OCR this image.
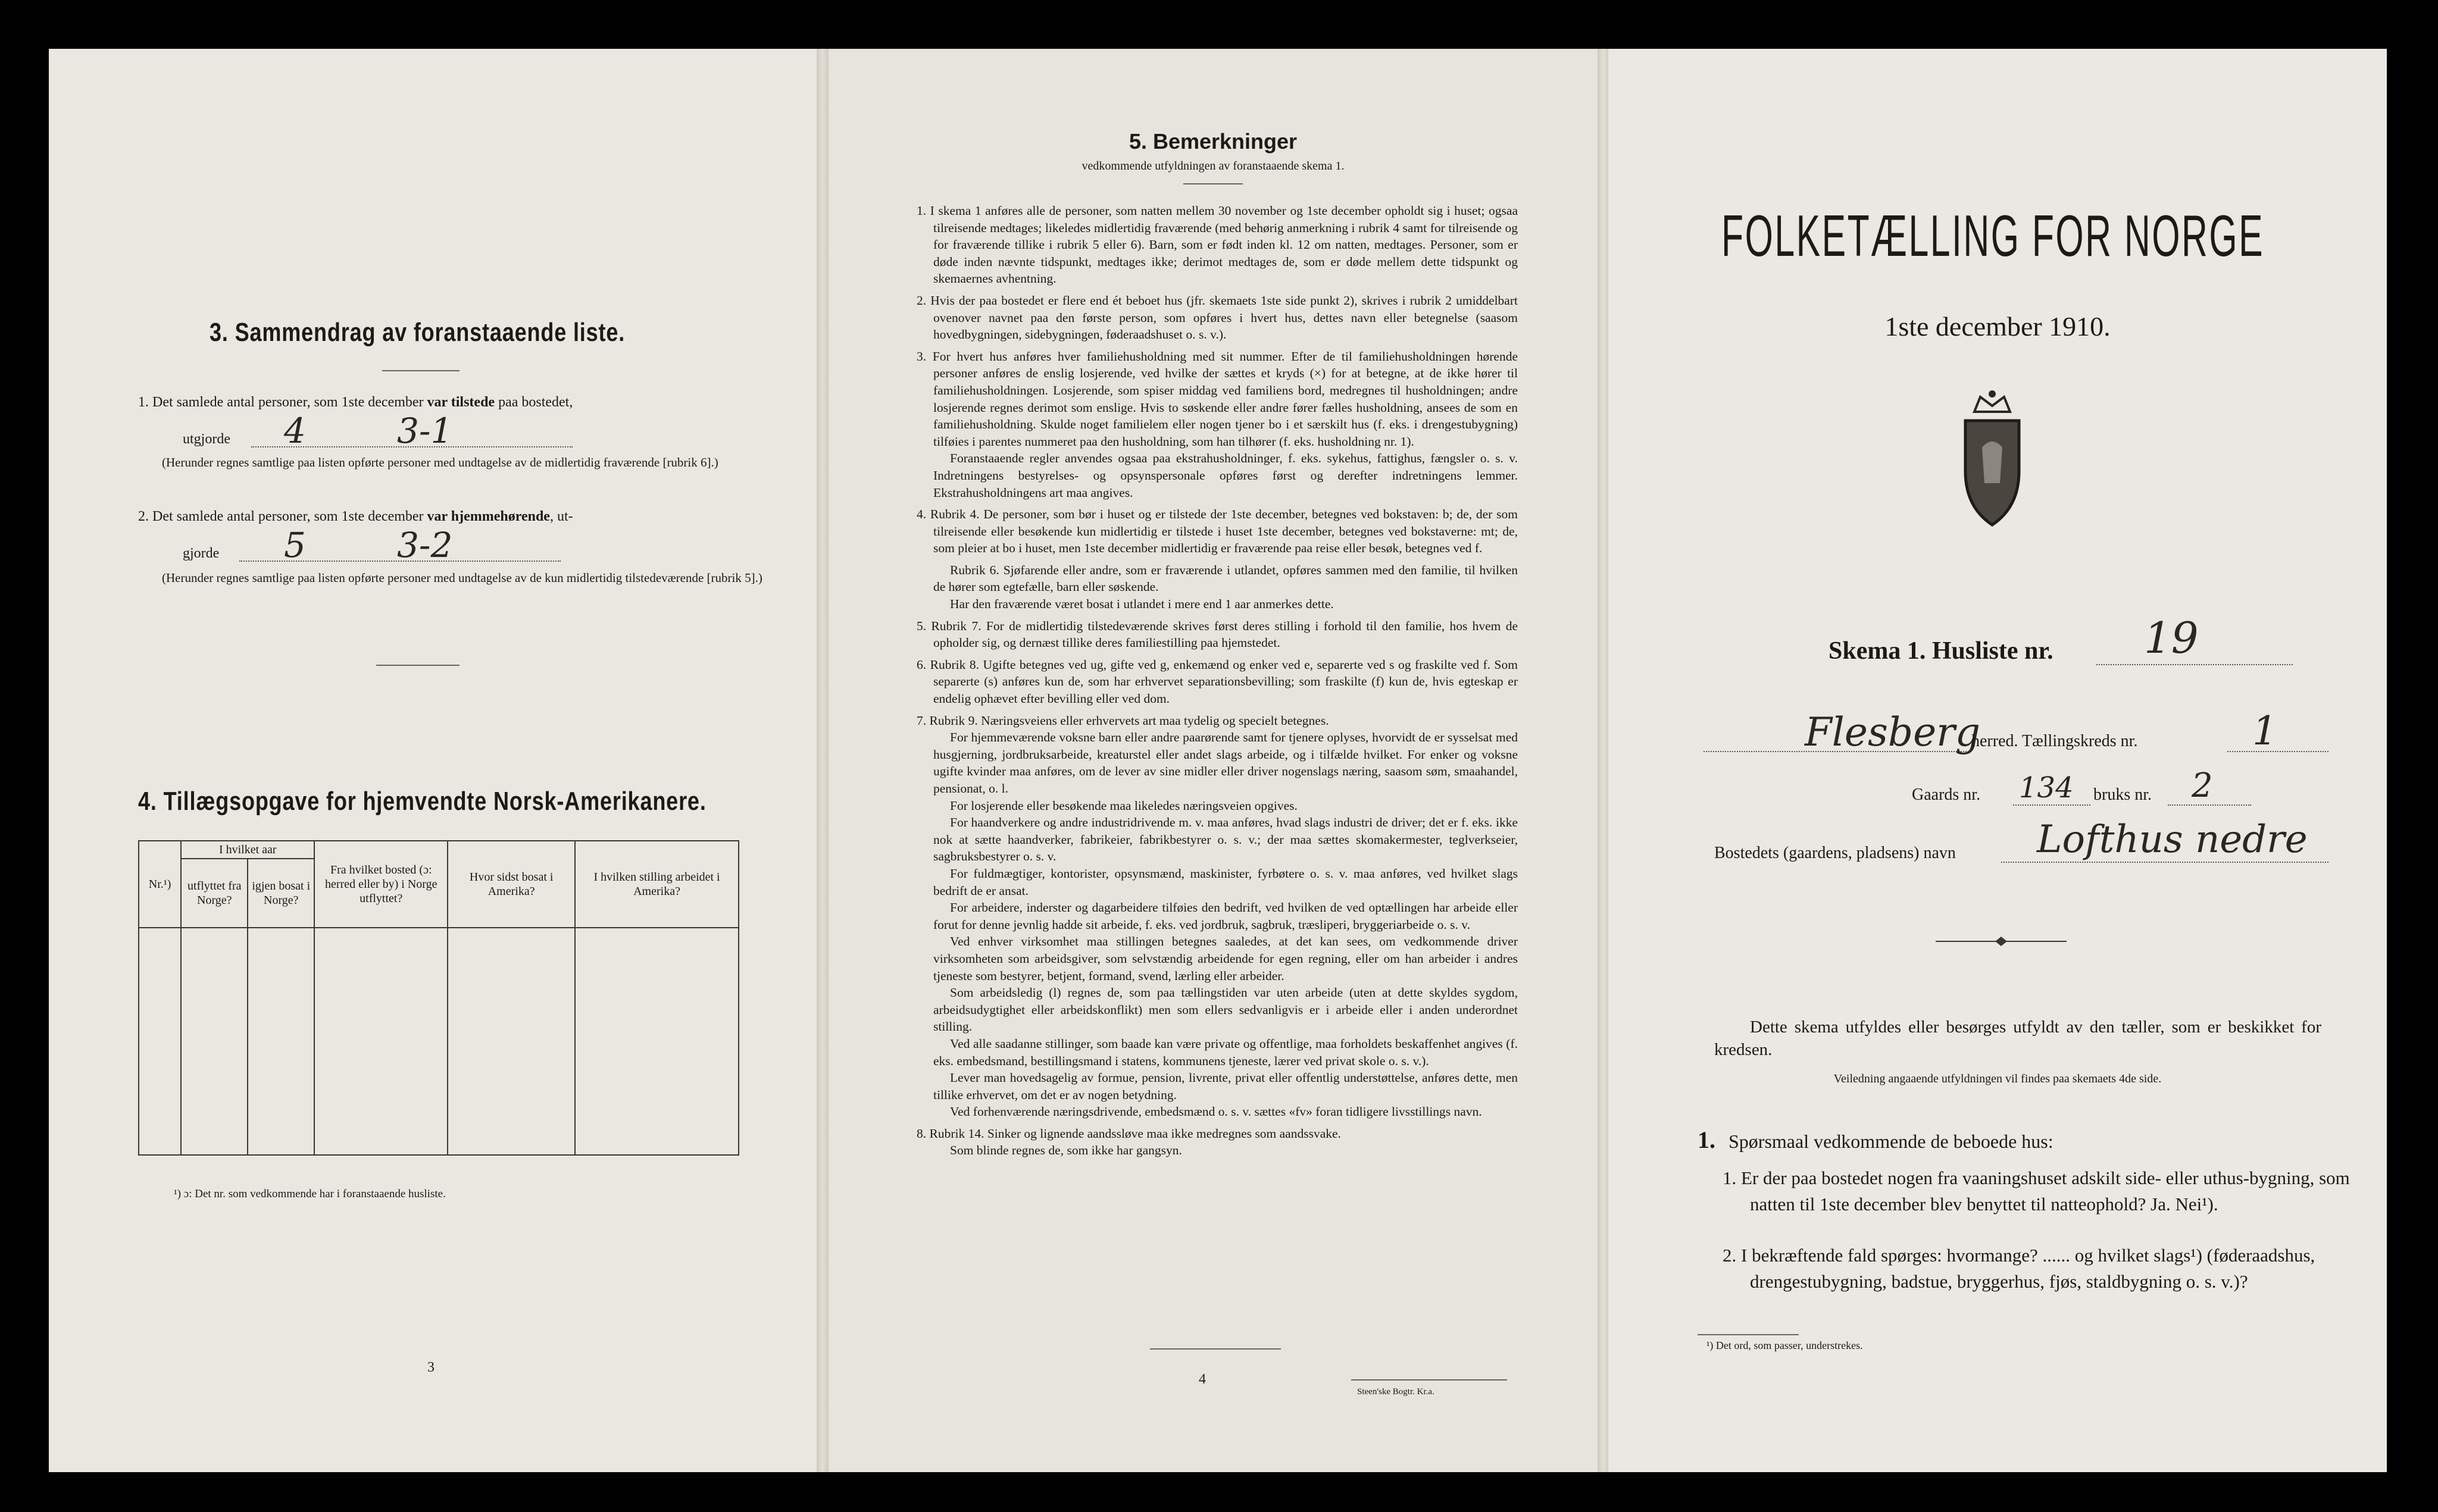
3. Sammendrag av foranstaaende liste.
1. Det samlede antal personer, som 1ste december var tilstede paa bostedet,
utgjorde 4	3-1
(Herunder regnes samtlige paa listen opførte personer med undtagelse av de midlertidig fraværende [rubrik 6].)
2. Det samlede antal personer, som 1ste december var hjemmehørende, ut-
gjorde 5	3-2
(Herunder regnes samtlige paa listen opførte personer med undtagelse av de kun midlertidig tilstedeværende [rubrik 5].)
4. Tillægsopgave for hjemvendte Norsk-Amerikanere.
Nr.¹)	I hvilket aar		Fra hvilket bosted (ɔ: herred eller by) i Norge utflyttet?	Hvor sidst bosat i Amerika?	I hvilken stilling arbeidet i Amerika?
	utflyttet fra Norge?	igjen bosat i Norge?			

¹) ɔ: Det nr. som vedkommende har i foranstaaende husliste.
3
5. Bemerkninger
vedkommende utfyldningen av foranstaaende skema 1.

1. I skema 1 anføres alle de personer, som natten mellem 30 november og 1ste december opholdt sig i huset; ogsaa tilreisende medtages; likeledes midlertidig fraværende (med behørig anmerkning i rubrik 4 samt for tilreisende og for fraværende tillike i rubrik 5 eller 6). Barn, som er født inden kl. 12 om natten, medtages. Personer, som er døde inden nævnte tidspunkt, medtages ikke; derimot medtages de, som er døde mellem dette tidspunkt og skemaernes avhentning.

2. Hvis der paa bostedet er flere end ét beboet hus (jfr. skemaets 1ste side punkt 2), skrives i rubrik 2 umiddelbart ovenover navnet paa den første person, som opføres i hvert hus, dettes navn eller betegnelse (saasom hovedbygningen, sidebygningen, føderaadshuset o. s. v.).

3. For hvert hus anføres hver familiehusholdning med sit nummer. Efter de til familiehusholdningen hørende personer anføres de enslig losjerende, ved hvilke der sættes et kryds (×) for at betegne, at de ikke hører til familiehusholdningen. Losjerende, som spiser middag ved familiens bord, medregnes til husholdningen; andre losjerende regnes derimot som enslige. Hvis to søskende eller andre fører fælles husholdning, ansees de som en familiehusholdning. Skulde noget familielem eller nogen tjener bo i et særskilt hus (f. eks. i drengestubygning) tilføies i parentes nummeret paa den husholdning, som han tilhører (f. eks. husholdning nr. 1).

Foranstaaende regler anvendes ogsaa paa ekstrahusholdninger, f. eks. sykehus, fattighus, fængsler o. s. v. Indretningens bestyrelses- og opsynspersonale opføres først og derefter indretningens lemmer. Ekstrahusholdningens art maa angives.

4. Rubrik 4. De personer, som bør i huset og er tilstede der 1ste december, betegnes ved bokstaven: b; de, der som tilreisende eller besøkende kun midlertidig er tilstede i huset 1ste december, betegnes ved bokstaverne: mt; de, som pleier at bo i huset, men 1ste december midlertidig er fraværende paa reise eller besøk, betegnes ved f.

Rubrik 6. Sjøfarende eller andre, som er fraværende i utlandet, opføres sammen med den familie, til hvilken de hører som egtefælle, barn eller søskende.

Har den fraværende været bosat i utlandet i mere end 1 aar anmerkes dette.

5. Rubrik 7. For de midlertidig tilstedeværende skrives først deres stilling i forhold til den familie, hos hvem de opholder sig, og dernæst tillike deres familiestilling paa hjemstedet.

6. Rubrik 8. Ugifte betegnes ved ug, gifte ved g, enkemænd og enker ved e, separerte ved s og fraskilte ved f. Som separerte (s) anføres kun de, som har erhvervet separationsbevilling; som fraskilte (f) kun de, hvis egteskap er endelig ophævet efter bevilling eller ved dom.

7. Rubrik 9. Næringsveiens eller erhvervets art maa tydelig og specielt betegnes.

For hjemmeværende voksne barn eller andre paarørende samt for tjenere oplyses, hvorvidt de er sysselsat med husgjerning, jordbruksarbeide, kreaturstel eller andet slags arbeide, og i tilfælde hvilket. For enker og voksne ugifte kvinder maa anføres, om de lever av sine midler eller driver nogenslags næring, saasom søm, smaahandel, pensionat, o. l.

For losjerende eller besøkende maa likeledes næringsveien opgives.

For haandverkere og andre industridrivende m. v. maa anføres, hvad slags industri de driver; det er f. eks. ikke nok at sætte haandverker, fabrikeier, fabrikbestyrer o. s. v.; der maa sættes skomakermester, teglverkseier, sagbruksbestyrer o. s. v.

For fuldmægtiger, kontorister, opsynsmænd, maskinister, fyrbøtere o. s. v. maa anføres, ved hvilket slags bedrift de er ansat.

For arbeidere, inderster og dagarbeidere tilføies den bedrift, ved hvilken de ved optællingen har arbeide eller forut for denne jevnlig hadde sit arbeide, f. eks. ved jordbruk, sagbruk, træsliperi, bryggeriarbeide o. s. v.

Ved enhver virksomhet maa stillingen betegnes saaledes, at det kan sees, om vedkommende driver virksomheten som arbeidsgiver, som selvstændig arbeidende for egen regning, eller om han arbeider i andres tjeneste som bestyrer, betjent, formand, svend, lærling eller arbeider.

Som arbeidsledig (l) regnes de, som paa tællingstiden var uten arbeide (uten at dette skyldes sygdom, arbeidsudygtighet eller arbeidskonflikt) men som ellers sedvanligvis er i arbeide eller i anden underordnet stilling.

Ved alle saadanne stillinger, som baade kan være private og offentlige, maa forholdets beskaffenhet angives (f. eks. embedsmand, bestillingsmand i statens, kommunens tjeneste, lærer ved privat skole o. s. v.).

Lever man hovedsagelig av formue, pension, livrente, privat eller offentlig understøttelse, anføres dette, men tillike erhvervet, om det er av nogen betydning.

Ved forhenværende næringsdrivende, embedsmænd o. s. v. sættes «fv» foran tidligere livsstillings navn.

8. Rubrik 14. Sinker og lignende aandssløve maa ikke medregnes som aandssvake.

Som blinde regnes de, som ikke har gangsyn.

4
Steen'ske Bogtr. Kr.a.
FOLKETÆLLING FOR NORGE
1ste december 1910.
Skema 1. Husliste nr. 19
Flesberg
herred. Tællingskreds nr.	1
Gaards nr. 134 bruks nr. 2
Bostedets (gaardens, pladsens) navn Lofthus nedre
Dette skema utfyldes eller besørges utfyldt av den tæller, som er beskikket for kredsen.
Veiledning angaaende utfyldningen vil findes paa skemaets 4de side.
1. Spørsmaal vedkommende de beboede hus:
1. Er der paa bostedet nogen fra vaaningshuset adskilt side- eller uthus-bygning, som natten til 1ste december blev benyttet til natteophold? Ja. Nei¹).
2. I bekræftende fald spørges: hvormange? ...... og hvilket slags¹) (føderaadshus, drengestubygning, badstue, bryggerhus, fjøs, staldbygning o. s. v.)?
¹) Det ord, som passer, understrekes.
